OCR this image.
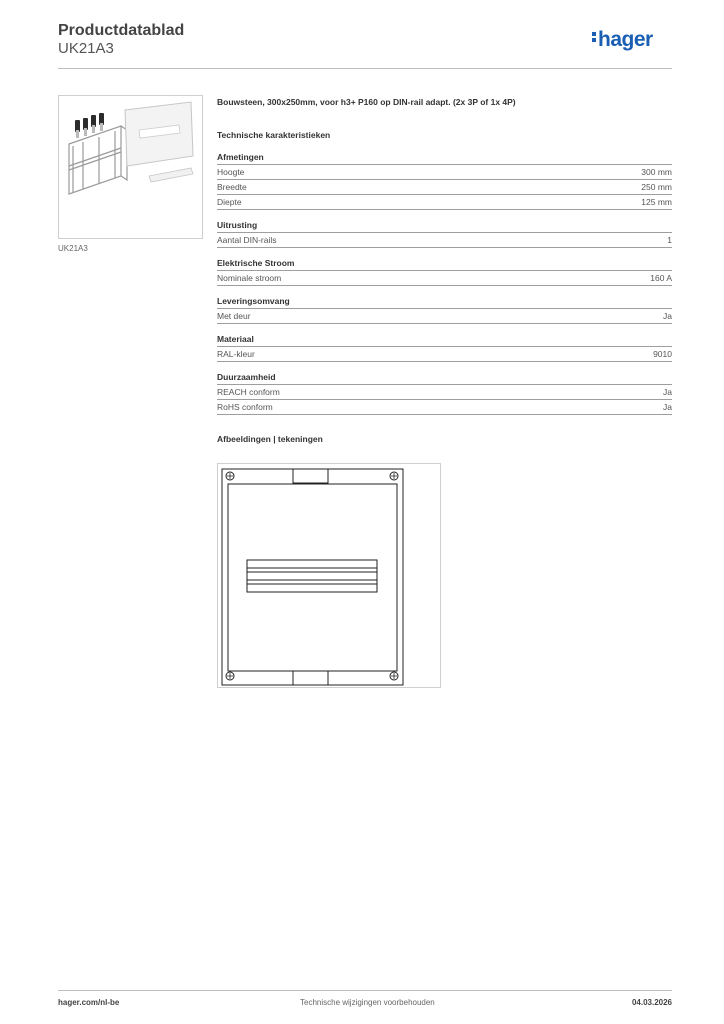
Productdatablad
UK21A3	hager
UK21A3
Bouwsteen, 300x250mm, voor h3+ P160 op DIN-rail adapt. (2x 3P of 1x 4P)
Technische karakteristieken
Afmetingen
Hoogte	300 mm
Breedte	250 mm
Diepte	125 mm
Uitrusting
Aantal DIN-rails	1
Elektrische Stroom
Nominale stroom	160 A
Leveringsomvang
Met deur	Ja
Materiaal
RAL-kleur	9010
Duurzaamheid
REACH conform	Ja
RoHS conform	Ja
Afbeeldingen | tekeningen
hager.com/nl-be	Technische wijzigingen voorbehouden	04.03.2026
